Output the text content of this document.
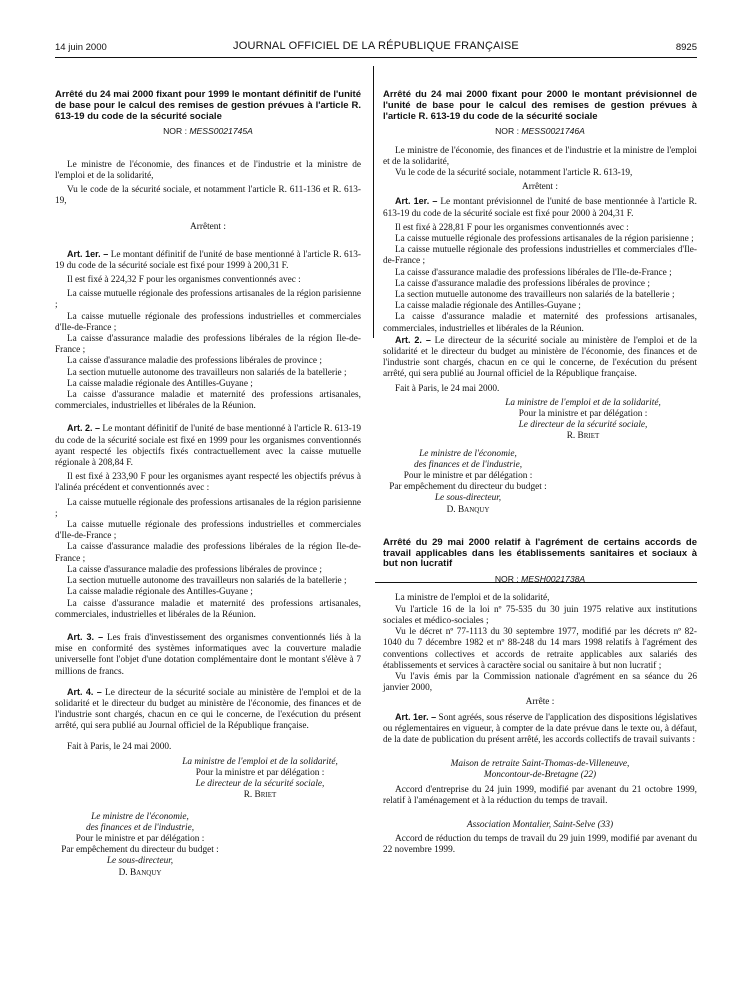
14 juin 2000	JOURNAL OFFICIEL DE LA RÉPUBLIQUE FRANÇAISE	8925
Arrêté du 24 mai 2000 fixant pour 1999 le montant définitif de l'unité de base pour le calcul des remises de gestion prévues à l'article R. 613-19 du code de la sécurité sociale
NOR : MESS0021745A

Le ministre de l'économie, des finances et de l'industrie et la ministre de l'emploi et de la solidarité,

Vu le code de la sécurité sociale, et notamment l'article R. 611-136 et R. 613-19,

Arrêtent :

Art. 1er. – Le montant définitif de l'unité de base mentionné à l'article R. 613-19 du code de la sécurité sociale est fixé pour 1999 à 200,31 F.

Il est fixé à 224,32 F pour les organismes conventionnés avec :

La caisse mutuelle régionale des professions artisanales de la région parisienne ;

La caisse mutuelle régionale des professions industrielles et commerciales d'Ile-de-France ;

La caisse d'assurance maladie des professions libérales de la région Ile-de-France ;

La caisse d'assurance maladie des professions libérales de province ;

La section mutuelle autonome des travailleurs non salariés de la batellerie ;

La caisse maladie régionale des Antilles-Guyane ;

La caisse d'assurance maladie et maternité des professions artisanales, commerciales, industrielles et libérales de la Réunion.

Art. 2. – Le montant définitif de l'unité de base mentionné à l'article R. 613-19 du code de la sécurité sociale est fixé en 1999 pour les organismes conventionnés ayant respecté les objectifs fixés contractuellement avec la caisse mutuelle régionale à 208,84 F.

Il est fixé à 233,90 F pour les organismes ayant respecté les objectifs prévus à l'alinéa précédent et conventionnés avec :

La caisse mutuelle régionale des professions artisanales de la région parisienne ;

La caisse mutuelle régionale des professions industrielles et commerciales d'Ile-de-France ;

La caisse d'assurance maladie des professions libérales de la région Ile-de-France ;

La caisse d'assurance maladie des professions libérales de province ;

La section mutuelle autonome des travailleurs non salariés de la batellerie ;

La caisse maladie régionale des Antilles-Guyane ;

La caisse d'assurance maladie et maternité des professions artisanales, commerciales, industrielles et libérales de la Réunion.

Art. 3. – Les frais d'investissement des organismes conventionnés liés à la mise en conformité des systèmes informatiques avec la couverture maladie universelle font l'objet d'une dotation complémentaire dont le montant s'élève à 7 millions de francs.

Art. 4. – Le directeur de la sécurité sociale au ministère de l'emploi et de la solidarité et le directeur du budget au ministère de l'économie, des finances et de l'industrie sont chargés, chacun en ce qui le concerne, de l'exécution du présent arrêté, qui sera publié au Journal officiel de la République française.

Fait à Paris, le 24 mai 2000.

La ministre de l'emploi et de la solidarité,
Pour la ministre et par délégation :
Le directeur de la sécurité sociale,
R. Briet
Le ministre de l'économie,
des finances et de l'industrie,
Pour le ministre et par délégation :
Par empêchement du directeur du budget :
Le sous-directeur,
D. Banquy
Arrêté du 24 mai 2000 fixant pour 2000 le montant prévisionnel de l'unité de base pour le calcul des remises de gestion prévues à l'article R. 613-19 du code de la sécurité sociale
NOR : MESS0021746A

Le ministre de l'économie, des finances et de l'industrie et la ministre de l'emploi et de la solidarité,

Vu le code de la sécurité sociale, notamment l'article R. 613-19,

Arrêtent :

Art. 1er. – Le montant prévisionnel de l'unité de base mentionnée à l'article R. 613-19 du code de la sécurité sociale est fixé pour 2000 à 204,31 F.

Il est fixé à 228,81 F pour les organismes conventionnés avec :

La caisse mutuelle régionale des professions artisanales de la région parisienne ;

La caisse mutuelle régionale des professions industrielles et commerciales d'Ile-de-France ;

La caisse d'assurance maladie des professions libérales de l'Ile-de-France ;

La caisse d'assurance maladie des professions libérales de province ;

La section mutuelle autonome des travailleurs non salariés de la batellerie ;

La caisse maladie régionale des Antilles-Guyane ;

La caisse d'assurance maladie et maternité des professions artisanales, commerciales, industrielles et libérales de la Réunion.

Art. 2. – Le directeur de la sécurité sociale au ministère de l'emploi et de la solidarité et le directeur du budget au ministère de l'économie, des finances et de l'industrie sont chargés, chacun en ce qui le concerne, de l'exécution du présent arrêté, qui sera publié au Journal officiel de la République française.

Fait à Paris, le 24 mai 2000.

La ministre de l'emploi et de la solidarité,
Pour la ministre et par délégation :
Le directeur de la sécurité sociale,
R. Briet
Le ministre de l'économie,
des finances et de l'industrie,
Pour le ministre et par délégation :
Par empêchement du directeur du budget :
Le sous-directeur,
D. Banquy
Arrêté du 29 mai 2000 relatif à l'agrément de certains accords de travail applicables dans les établissements sanitaires et sociaux à but non lucratif
NOR : MESH0021738A

La ministre de l'emploi et de la solidarité,

Vu l'article 16 de la loi nº 75-535 du 30 juin 1975 relative aux institutions sociales et médico-sociales ;

Vu le décret nº 77-1113 du 30 septembre 1977, modifié par les décrets nº 82-1040 du 7 décembre 1982 et nº 88-248 du 14 mars 1998 relatifs à l'agrément des conventions collectives et accords de retraite applicables aux salariés des établissements et services à caractère social ou sanitaire à but non lucratif ;

Vu l'avis émis par la Commission nationale d'agrément en sa séance du 26 janvier 2000,

Arrête :

Art. 1er. – Sont agréés, sous réserve de l'application des dispositions législatives ou réglementaires en vigueur, à compter de la date prévue dans le texte ou, à défaut, de la date de publication du présent arrêté, les accords collectifs de travail suivants :

Maison de retraite Saint-Thomas-de-Villeneuve, Moncontour-de-Bretagne (22)

Accord d'entreprise du 24 juin 1999, modifié par avenant du 21 octobre 1999, relatif à l'aménagement et à la réduction du temps de travail.

Association Montalier, Saint-Selve (33)

Accord de réduction du temps de travail du 29 juin 1999, modifié par avenant du 22 novembre 1999.
